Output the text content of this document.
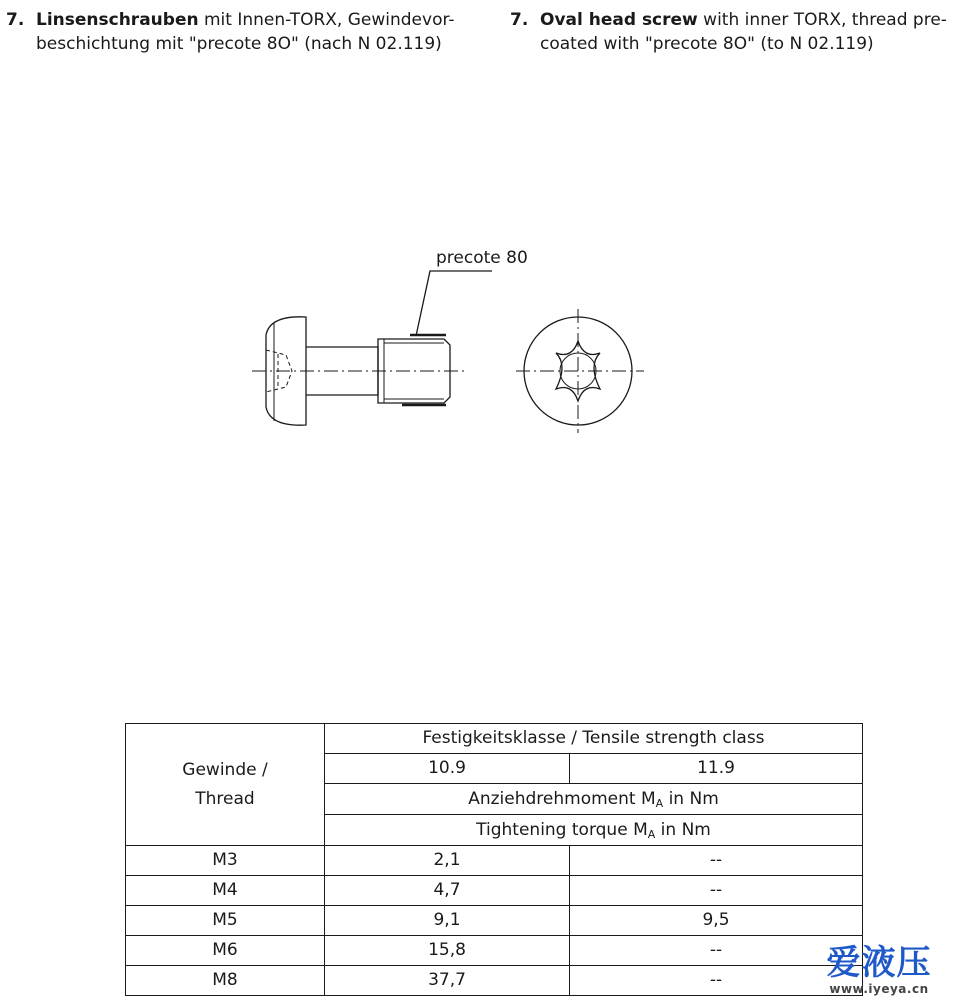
7. Linsenschrauben mit Innen-TORX, Gewindevor-
beschichtung mit "precote 8O" (nach N 02.119)

7. Oval head screw with inner TORX, thread pre-
coated with "precote 8O" (to N 02.119)

precote 80
Gewinde /
Thread	Festigkeitsklasse / Tensile strength class	
	10.9	11.9
	Anziehdrehmoment $M_A$ in Nm	
	Tightening torque $M_A$ in Nm	
M3	2,1	--
M4	4,7	--
M5	9,1	9,5
M6	15,8	--
M8	37,7	--	爱液压
www.iyeya.cn
